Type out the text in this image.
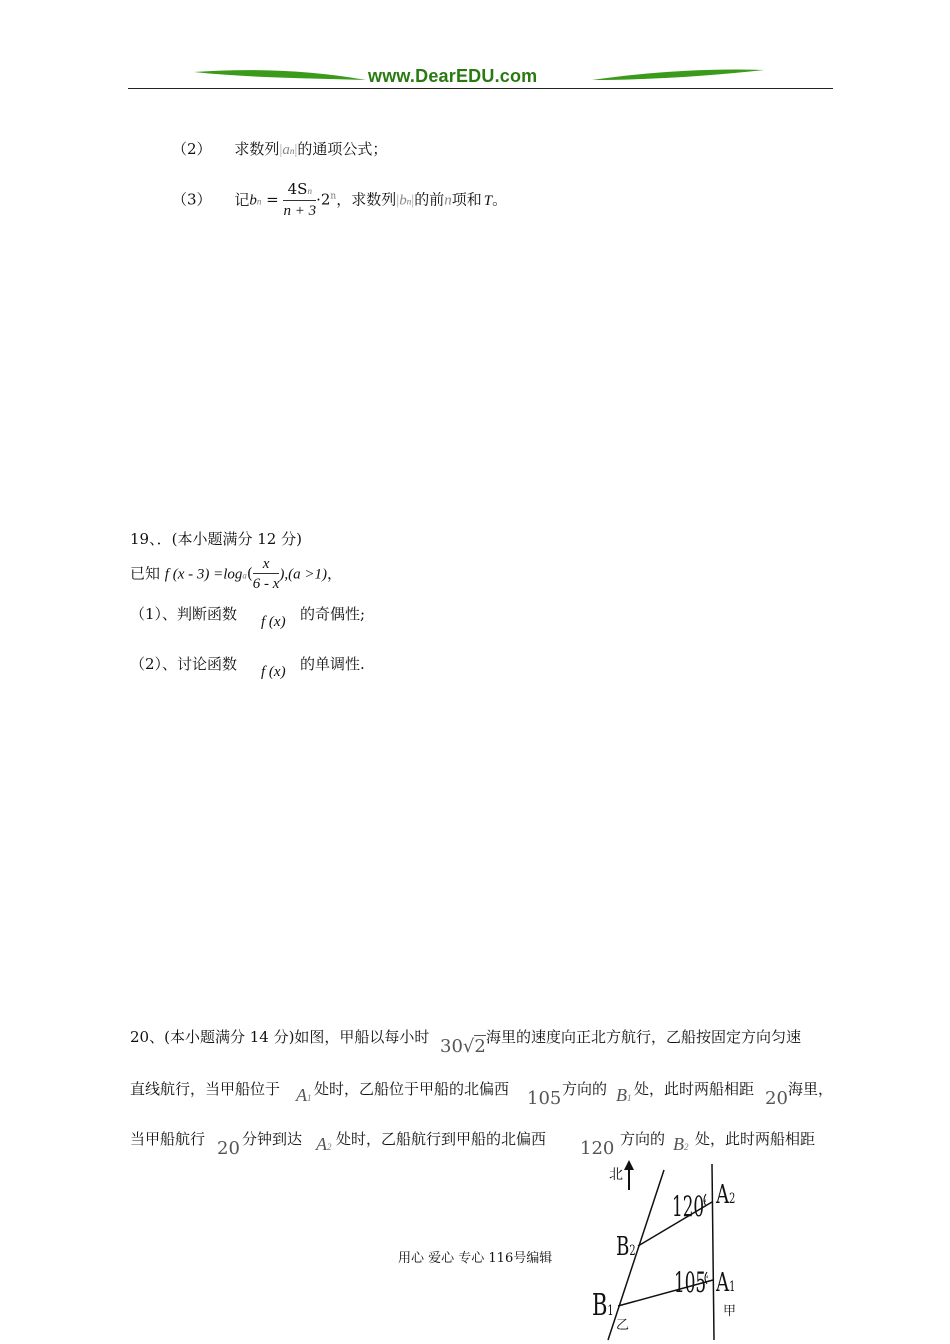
www.DearEDU.com
（2） 求数列|an|的通项公式；
（3） 记bn = $\frac{4Sn}{n + 3} \cdot 2^n$，求数列|bn|的前n项和 T。
19、．(本小题满分 12 分)
已知 f $(x - 3) =\log a( \frac{x}{6 - x} ),(a >1)$，
（1）、判断函数 f (x) 的奇偶性;
（2）、讨论函数 f (x) 的单调性.
20、(本小题满分 14 分)如图，甲船以每小时 30√2 海里的速度向正北方航行，乙船按固定方向匀速
直线航行，当甲船位于 A1 处时，乙船位于甲船的北偏西 105 方向的 B1 处，此时两船相距 20 海里，
当甲船航行 20 分钟到达 A2 处时，乙船航行到甲船的北偏西 120 方向的 B2 处，此时两船相距
北
120°
105°
A2
A1
甲
B2
B1
乙
用心 爱心 专心 116号编辑
